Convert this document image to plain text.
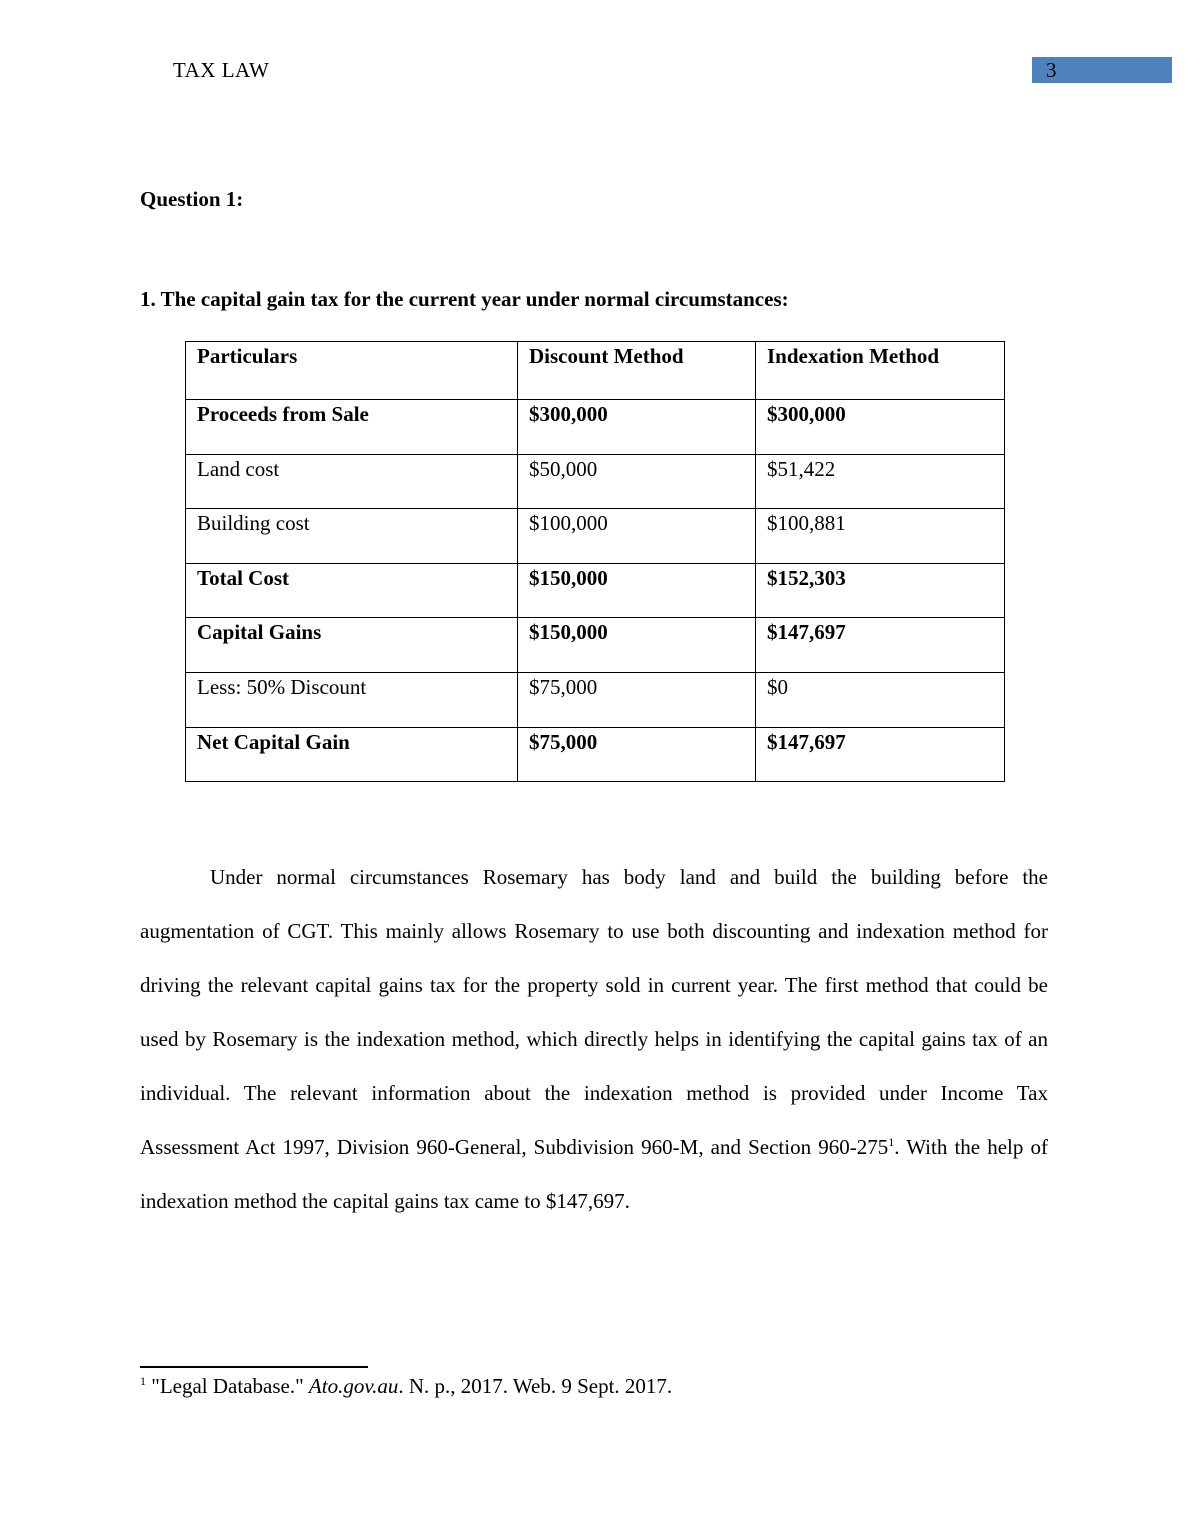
TAX LAW	3
Question 1:
1. The capital gain tax for the current year under normal circumstances:
Particulars	Discount Method	Indexation Method

Proceeds from Sale	$300,000	$300,000

Land cost	$50,000	$51,422

Building cost	$100,000	$100,881

Total Cost	$150,000	$152,303

Capital Gains	$150,000	$147,697

Less: 50% Discount	$75,000	$0

Net Capital Gain	$75,000	$147,697

Under normal circumstances Rosemary has body land and build the building before the augmentation of CGT. This mainly allows Rosemary to use both discounting and indexation method for driving the relevant capital gains tax for the property sold in current year. The first method that could be used by Rosemary is the indexation method, which directly helps in identifying the capital gains tax of an individual. The relevant information about the indexation method is provided under Income Tax Assessment Act 1997, Division 960-General, Subdivision 960-M, and Section $960-275^1$. With the help of indexation method the capital gains tax came to $147,697.

$^1$ "Legal Database." Ato.gov.au. N. p., 2017. Web. 9 Sept. 2017.
